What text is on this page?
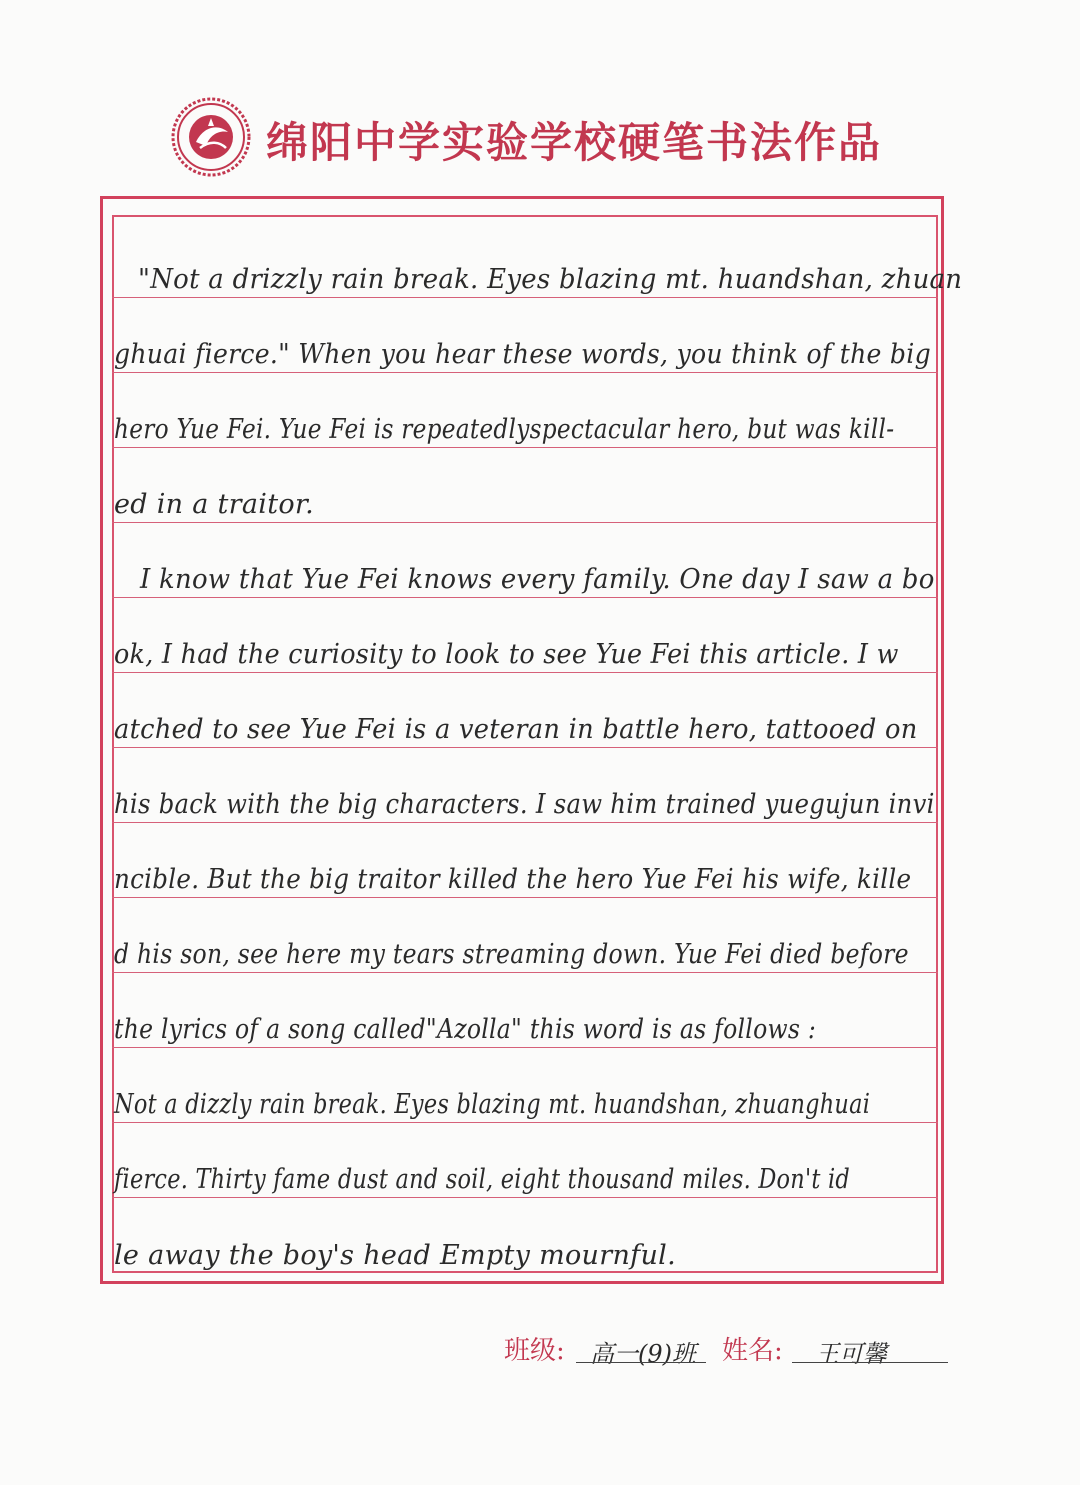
绵阳中学实验学校硬笔书法作品
"Not a drizzly rain break. Eyes blazing mt. huandshan, zhuan
ghuai fierce." When you hear these words, you think of the big
hero Yue Fei. Yue Fei is repeatedlyspectacular hero, but was kill-
ed in a traitor.
I know that Yue Fei knows every family. One day I saw a bo
ok, I had the curiosity to look to see Yue Fei this article. I w
atched to see Yue Fei is a veteran in battle hero, tattooed on
his back with the big characters. I saw him trained yuegujun invi
ncible. But the big traitor killed the hero Yue Fei his wife, kille
d his son, see here my tears streaming down. Yue Fei died before
the lyrics of a song called"Azolla" this word is as follows :
Not a dizzly rain break. Eyes blazing mt. huandshan, zhuanghuai
fierce. Thirty fame dust and soil, eight thousand miles. Don't id
le away the boy's head Empty mournful.
班级:	高一(9)班	姓名:	王可馨
